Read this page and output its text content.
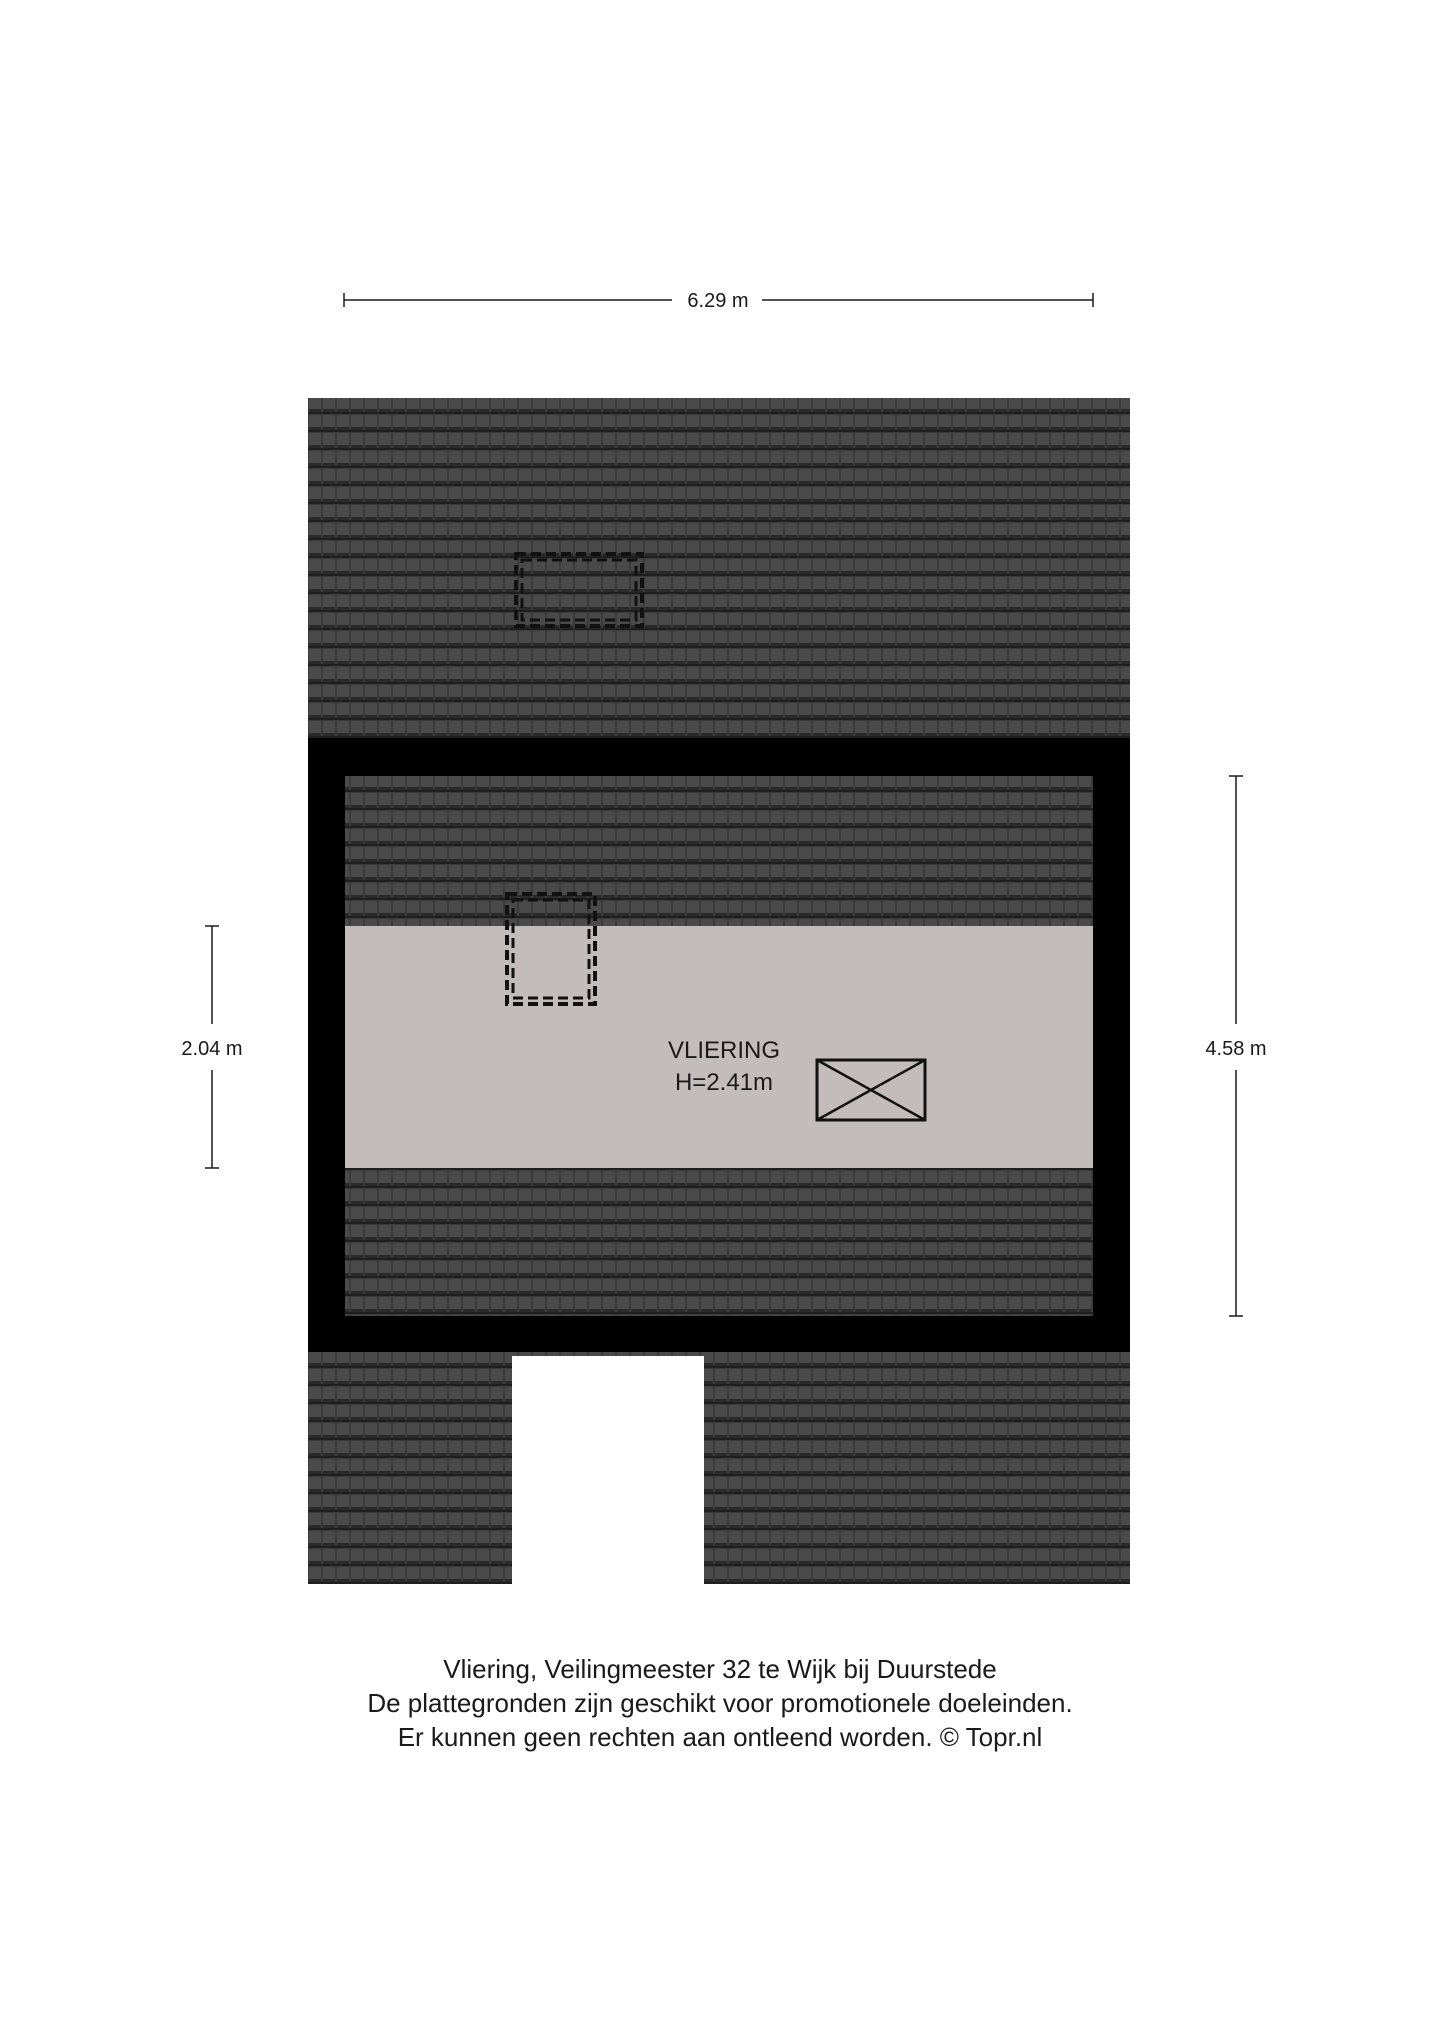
6.29 m
2.04 m	4.58 m
VLIERING
H=2.41m
Vliering, Veilingmeester 32 te Wijk bij Duurstede
De plattegronden zijn geschikt voor promotionele doeleinden.
Er kunnen geen rechten aan ontleend worden. © Topr.nl
